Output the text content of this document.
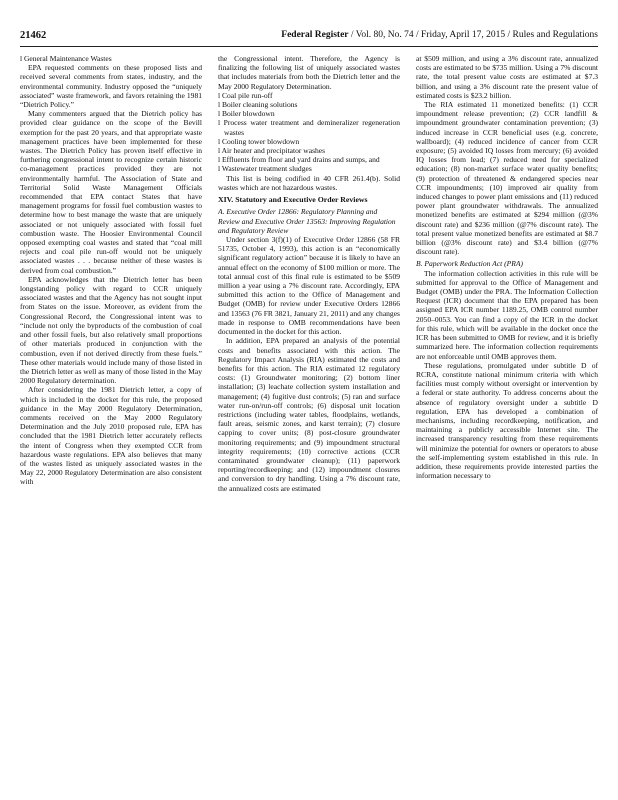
21462	Federal Register / Vol. 80, No. 74 / Friday, April 17, 2015 / Rules and Regulations

l General Maintenance Wastes

EPA requested comments on these proposed lists and received several comments from states, industry, and the environmental community. Industry opposed the “uniquely associated” waste framework, and favors retaining the 1981 “Dietrich Policy.”

Many commenters argued that the Dietrich policy has provided clear guidance on the scope of the Bevill exemption for the past 20 years, and that appropriate waste management practices have been implemented for these wastes. The Dietrich Policy has proven itself effective in furthering congressional intent to recognize certain historic co-management practices provided they are not environmentally harmful. The Association of State and Territorial Solid Waste Management Officials recommended that EPA contact States that have management programs for fossil fuel combustion wastes to determine how to best manage the waste that are uniquely associated or not uniquely associated with fossil fuel combustion waste. The Hoosier Environmental Council opposed exempting coal wastes and stated that “coal mill rejects and coal pile run-off would not be uniquely associated wastes . . . because neither of these wastes is derived from coal combustion.”

EPA acknowledges that the Dietrich letter has been longstanding policy with regard to CCR uniquely associated wastes and that the Agency has not sought input from States on the issue. Moreover, as evident from the Congressional Record, the Congressional intent was to “include not only the byproducts of the combustion of coal and other fossil fuels, but also relatively small proportions of other materials produced in conjunction with the combustion, even if not derived directly from these fuels.” These other materials would include many of those listed in the Dietrich letter as well as many of those listed in the May 2000 Regulatory determination.

After considering the 1981 Dietrich letter, a copy of which is included in the docket for this rule, the proposed guidance in the May 2000 Regulatory Determination, comments received on the May 2000 Regulatory Determination and the July 2010 proposed rule, EPA has concluded that the 1981 Dietrich letter accurately reflects the intent of Congress when they exempted CCR from hazardous waste regulations. EPA also believes that many of the wastes listed as uniquely associated wastes in the May 22, 2000 Regulatory Determination are also consistent with

the Congressional intent. Therefore, the Agency is finalizing the following list of uniquely associated wastes that includes materials from both the Dietrich letter and the May 2000 Regulatory Determination.

l Coal pile run-off
l Boiler cleaning solutions
l Boiler blowdown
l Process water treatment and demineralizer regeneration wastes
l Cooling tower blowdown
l Air heater and precipitator washes
l Effluents from floor and yard drains and sumps, and
l Wastewater treatment sludges

This list is being codified in 40 CFR 261.4(b). Solid wastes which are not hazardous wastes.

XIV. Statutory and Executive Order Reviews
A. Executive Order 12866: Regulatory Planning and Review and Executive Order 13563: Improving Regulation and Regulatory Review

Under section 3(f)(1) of Executive Order 12866 (58 FR 51735, October 4, 1993), this action is an “economically significant regulatory action” because it is likely to have an annual effect on the economy of $100 million or more. The total annual cost of this final rule is estimated to be $509 million a year using a 7% discount rate. Accordingly, EPA submitted this action to the Office of Management and Budget (OMB) for review under Executive Orders 12866 and 13563 (76 FR 3821, January 21, 2011) and any changes made in response to OMB recommendations have been documented in the docket for this action.

In addition, EPA prepared an analysis of the potential costs and benefits associated with this action. The Regulatory Impact Analysis (RIA) estimated the costs and benefits for this action. The RIA estimated 12 regulatory costs: (1) Groundwater monitoring; (2) bottom liner installation; (3) leachate collection system installation and management; (4) fugitive dust controls; (5) ran and surface water run-on/run-off controls; (6) disposal unit location restrictions (including water tables, floodplains, wetlands, fault areas, seismic zones, and karst terrain); (7) closure capping to cover units; (8) post-closure groundwater monitoring requirements; and (9) impoundment structural integrity requirements; (10) corrective actions (CCR contaminated groundwater cleanup); (11) paperwork reporting/recordkeeping; and (12) impoundment closures and conversion to dry handling. Using a 7% discount rate, the annualized costs are estimated

at $509 million, and using a 3% discount rate, annualized costs are estimated to be $735 million. Using a 7% discount rate, the total present value costs are estimated at $7.3 billion, and using a 3% discount rate the present value of estimated costs is $23.2 billion.

The RIA estimated 11 monetized benefits: (1) CCR impoundment release prevention; (2) CCR landfill & impoundment groundwater contamination prevention; (3) induced increase in CCR beneficial uses (e.g. concrete, wallboard); (4) reduced incidence of cancer from CCR exposure; (5) avoided IQ losses from mercury; (6) avoided IQ losses from lead; (7) reduced need for specialized education; (8) non-market surface water quality benefits; (9) protection of threatened & endangered species near CCR impoundments; (10) improved air quality from induced changes to power plant emissions and (11) reduced power plant groundwater withdrawals. The annualized monetized benefits are estimated at $294 million (@3% discount rate) and $236 million (@7% discount rate). The total present value monetized benefits are estimated at $8.7 billion (@3% discount rate) and $3.4 billion (@7% discount rate).

B. Paperwork Reduction Act (PRA)

The information collection activities in this rule will be submitted for approval to the Office of Management and Budget (OMB) under the PRA. The Information Collection Request (ICR) document that the EPA prepared has been assigned EPA ICR number 1189.25, OMB control number 2050–0053. You can find a copy of the ICR in the docket for this rule, which will be available in the docket once the ICR has been submitted to OMB for review, and it is briefly summarized here. The information collection requirements are not enforceable until OMB approves them.

These regulations, promulgated under subtitle D of RCRA, constitute national minimum criteria with which facilities must comply without oversight or intervention by a federal or state authority. To address concerns about the absence of regulatory oversight under a subtitle D regulation, EPA has developed a combination of mechanisms, including recordkeeping, notification, and maintaining a publicly accessible Internet site. The increased transparency resulting from these requirements will minimize the potential for owners or operators to abuse the self-implementing system established in this rule. In addition, these requirements provide interested parties the information necessary to
